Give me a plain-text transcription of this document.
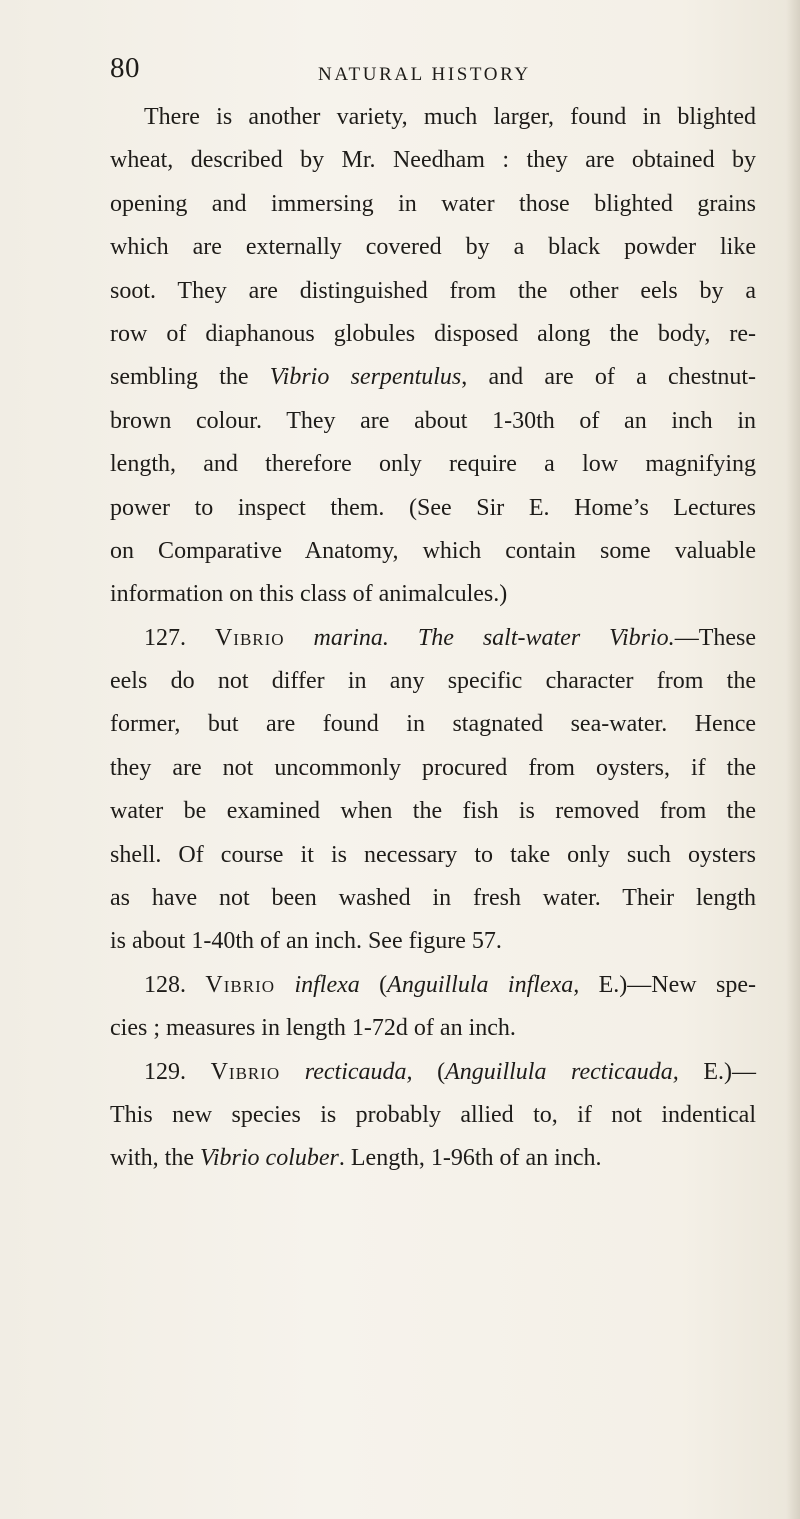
80	NATURAL HISTORY
There is another variety, much larger, found in blighted
wheat, described by Mr. Needham : they are obtained by
opening and immersing in water those blighted grains
which are externally covered by a black powder like
soot. They are distinguished from the other eels by a
row of diaphanous globules disposed along the body, re-
sembling the Vibrio serpentulus, and are of a chestnut-
brown colour. They are about 1-30th of an inch in
length, and therefore only require a low magnifying
power to inspect them. (See Sir E. Home’s Lectures
on Comparative Anatomy, which contain some valuable
information on this class of animalcules.)
127. Vibrio marina. The salt-water Vibrio.—These
eels do not differ in any specific character from the
former, but are found in stagnated sea-water. Hence
they are not uncommonly procured from oysters, if the
water be examined when the fish is removed from the
shell. Of course it is necessary to take only such oysters
as have not been washed in fresh water. Their length
is about 1-40th of an inch. See figure 57.
128. Vibrio inflexa (Anguillula inflexa, E.)—New spe-
cies ; measures in length 1-72d of an inch.
129. Vibrio recticauda, (Anguillula recticauda, E.)—
This new species is probably allied to, if not indentical
with, the Vibrio coluber. Length, 1-96th of an inch.
